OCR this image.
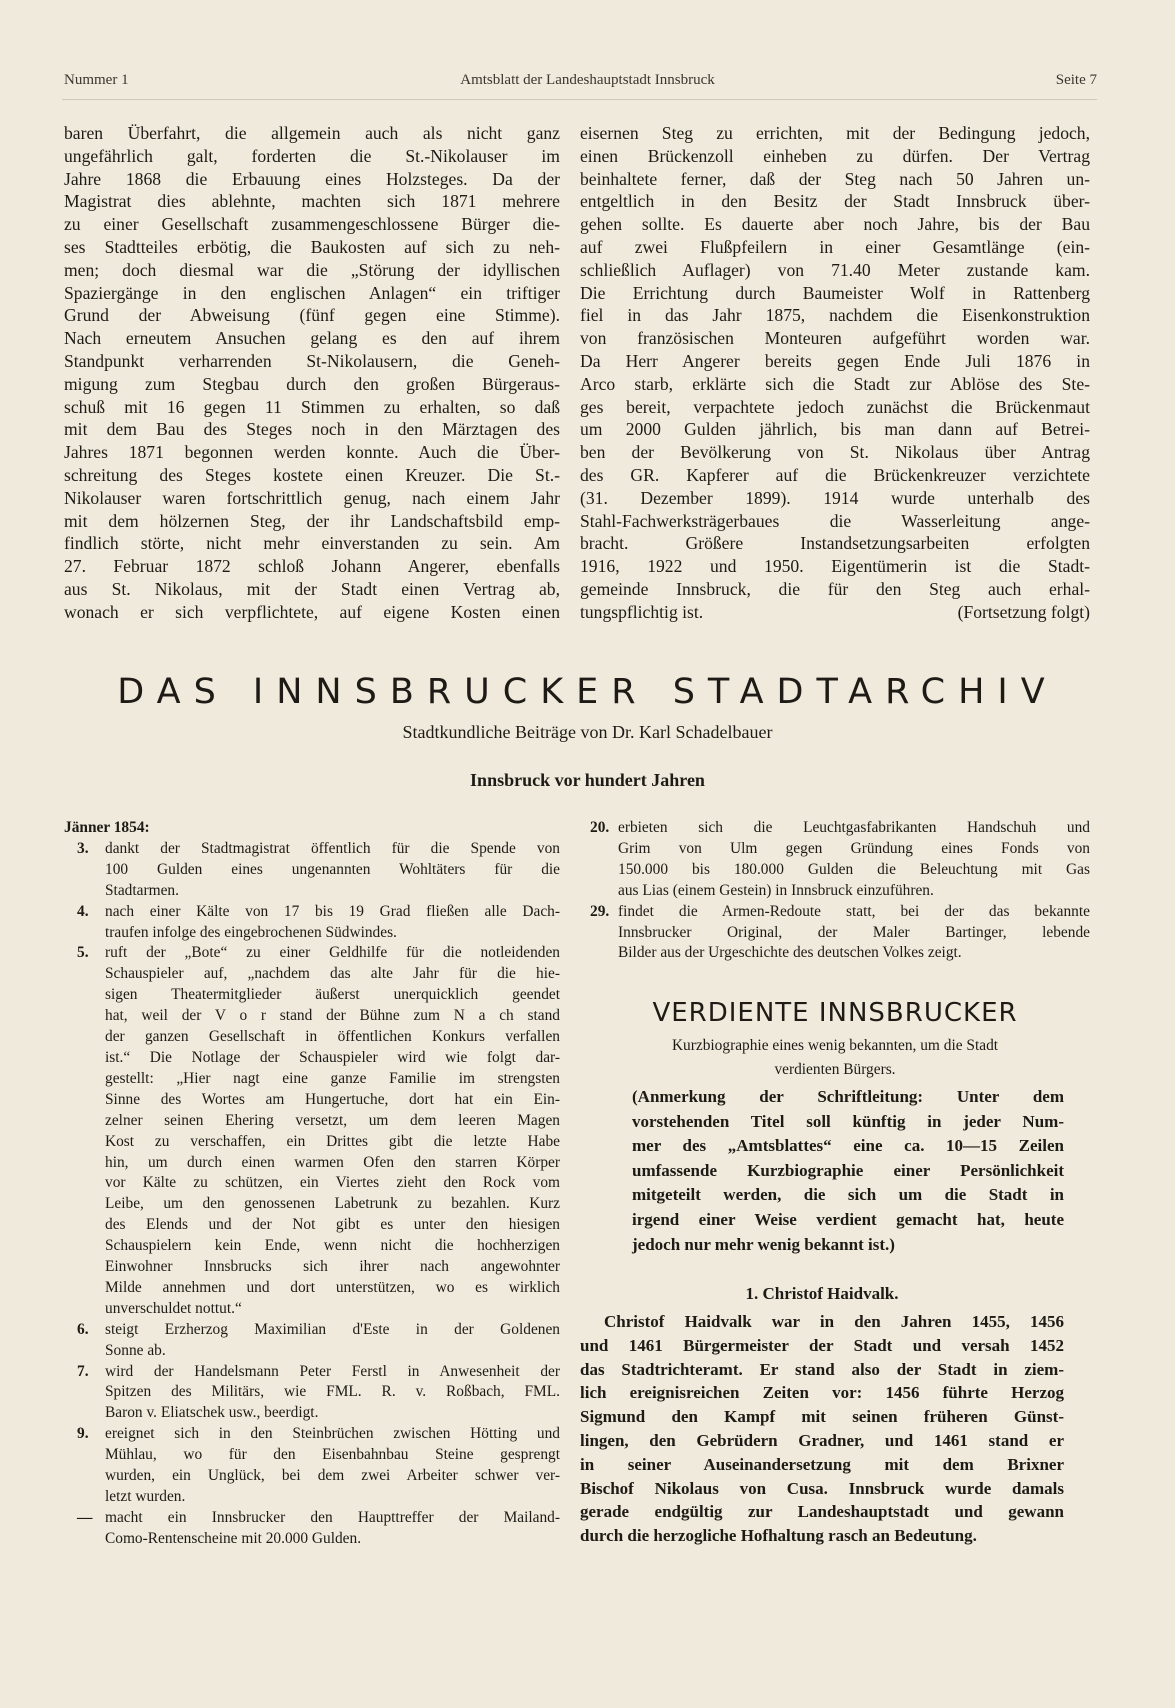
Nummer 1	Amtsblatt der Landeshauptstadt Innsbruck	Seite 7
baren Überfahrt, die allgemein auch als nicht ganz
ungefährlich galt, forderten die St.-Nikolauser im
Jahre 1868 die Erbauung eines Holzsteges. Da der
Magistrat dies ablehnte, machten sich 1871 mehrere
zu einer Gesellschaft zusammengeschlossene Bürger die-
ses Stadtteiles erbötig, die Baukosten auf sich zu neh-
men; doch diesmal war die „Störung der idyllischen
Spaziergänge in den englischen Anlagen“ ein triftiger
Grund der Abweisung (fünf gegen eine Stimme).
Nach erneutem Ansuchen gelang es den auf ihrem
Standpunkt verharrenden St-Nikolausern, die Geneh-
migung zum Stegbau durch den großen Bürgeraus-
schuß mit 16 gegen 11 Stimmen zu erhalten, so daß
mit dem Bau des Steges noch in den Märztagen des
Jahres 1871 begonnen werden konnte. Auch die Über-
schreitung des Steges kostete einen Kreuzer. Die St.-
Nikolauser waren fortschrittlich genug, nach einem Jahr
mit dem hölzernen Steg, der ihr Landschaftsbild emp-
findlich störte, nicht mehr einverstanden zu sein. Am
27. Februar 1872 schloß Johann Angerer, ebenfalls
aus St. Nikolaus, mit der Stadt einen Vertrag ab,
wonach er sich verpflichtete, auf eigene Kosten einen
eisernen Steg zu errichten, mit der Bedingung jedoch,
einen Brückenzoll einheben zu dürfen. Der Vertrag
beinhaltete ferner, daß der Steg nach 50 Jahren un-
entgeltlich in den Besitz der Stadt Innsbruck über-
gehen sollte. Es dauerte aber noch Jahre, bis der Bau
auf zwei Flußpfeilern in einer Gesamtlänge (ein-
schließlich Auflager) von 71.40 Meter zustande kam.
Die Errichtung durch Baumeister Wolf in Rattenberg
fiel in das Jahr 1875, nachdem die Eisenkonstruktion
von französischen Monteuren aufgeführt worden war.
Da Herr Angerer bereits gegen Ende Juli 1876 in
Arco starb, erklärte sich die Stadt zur Ablöse des Ste-
ges bereit, verpachtete jedoch zunächst die Brückenmaut
um 2000 Gulden jährlich, bis man dann auf Betrei-
ben der Bevölkerung von St. Nikolaus über Antrag
des GR. Kapferer auf die Brückenkreuzer verzichtete
(31. Dezember 1899). 1914 wurde unterhalb des
Stahl-Fachwerksträgerbaues die Wasserleitung ange-
bracht. Größere Instandsetzungsarbeiten erfolgten
1916, 1922 und 1950. Eigentümerin ist die Stadt-
gemeinde Innsbruck, die für den Steg auch erhal-
tungspflichtig ist.	(Fortsetzung folgt)
DAS INNSBRUCKER STADTARCHIV
Stadtkundliche Beiträge von Dr. Karl Schadelbauer
Innsbruck vor hundert Jahren
Jänner 1854:
3. dankt der Stadtmagistrat öffentlich für die Spende von
100 Gulden eines ungenannten Wohltäters für die
Stadtarmen.
4. nach einer Kälte von 17 bis 19 Grad fließen alle Dach-
traufen infolge des eingebrochenen Südwindes.
5. ruft der „Bote“ zu einer Geldhilfe für die notleidenden
Schauspieler auf, „nachdem das alte Jahr für die hie-
sigen Theatermitglieder äußerst unerquicklich geendet
hat, weil der V o r stand der Bühne zum N a ch stand
der ganzen Gesellschaft in öffentlichen Konkurs verfallen
ist.“ Die Notlage der Schauspieler wird wie folgt dar-
gestellt: „Hier nagt eine ganze Familie im strengsten
Sinne des Wortes am Hungertuche, dort hat ein Ein-
zelner seinen Ehering versetzt, um dem leeren Magen
Kost zu verschaffen, ein Drittes gibt die letzte Habe
hin, um durch einen warmen Ofen den starren Körper
vor Kälte zu schützen, ein Viertes zieht den Rock vom
Leibe, um den genossenen Labetrunk zu bezahlen. Kurz
des Elends und der Not gibt es unter den hiesigen
Schauspielern kein Ende, wenn nicht die hochherzigen
Einwohner Innsbrucks sich ihrer nach angewohnter
Milde annehmen und dort unterstützen, wo es wirklich
unverschuldet nottut.“
6. steigt Erzherzog Maximilian d'Este in der Goldenen
Sonne ab.
7. wird der Handelsmann Peter Ferstl in Anwesenheit der
Spitzen des Militärs, wie FML. R. v. Roßbach, FML.
Baron v. Eliatschek usw., beerdigt.
9. ereignet sich in den Steinbrüchen zwischen Hötting und
Mühlau, wo für den Eisenbahnbau Steine gesprengt
wurden, ein Unglück, bei dem zwei Arbeiter schwer ver-
letzt wurden.
— macht ein Innsbrucker den Haupttreffer der Mailand-
Como-Rentenscheine mit 20.000 Gulden.
20. erbieten sich die Leuchtgasfabrikanten Handschuh und
Grim von Ulm gegen Gründung eines Fonds von
150.000 bis 180.000 Gulden die Beleuchtung mit Gas
aus Lias (einem Gestein) in Innsbruck einzuführen.
29. findet die Armen-Redoute statt, bei der das bekannte
Innsbrucker Original, der Maler Bartinger, lebende
Bilder aus der Urgeschichte des deutschen Volkes zeigt.
VERDIENTE INNSBRUCKER
Kurzbiographie eines wenig bekannten, um die Stadt
verdienten Bürgers.
(Anmerkung der Schriftleitung: Unter dem
vorstehenden Titel soll künftig in jeder Num-
mer des „Amtsblattes“ eine ca. 10—15 Zeilen
umfassende Kurzbiographie einer Persönlichkeit
mitgeteilt werden, die sich um die Stadt in
irgend einer Weise verdient gemacht hat, heute
jedoch nur mehr wenig bekannt ist.)
1. Christof Haidvalk.
Christof Haidvalk war in den Jahren 1455, 1456
und 1461 Bürgermeister der Stadt und versah 1452
das Stadtrichteramt. Er stand also der Stadt in ziem-
lich ereignisreichen Zeiten vor: 1456 führte Herzog
Sigmund den Kampf mit seinen früheren Günst-
lingen, den Gebrüdern Gradner, und 1461 stand er
in seiner Auseinandersetzung mit dem Brixner
Bischof Nikolaus von Cusa. Innsbruck wurde damals
gerade endgültig zur Landeshauptstadt und gewann
durch die herzogliche Hofhaltung rasch an Bedeutung.
